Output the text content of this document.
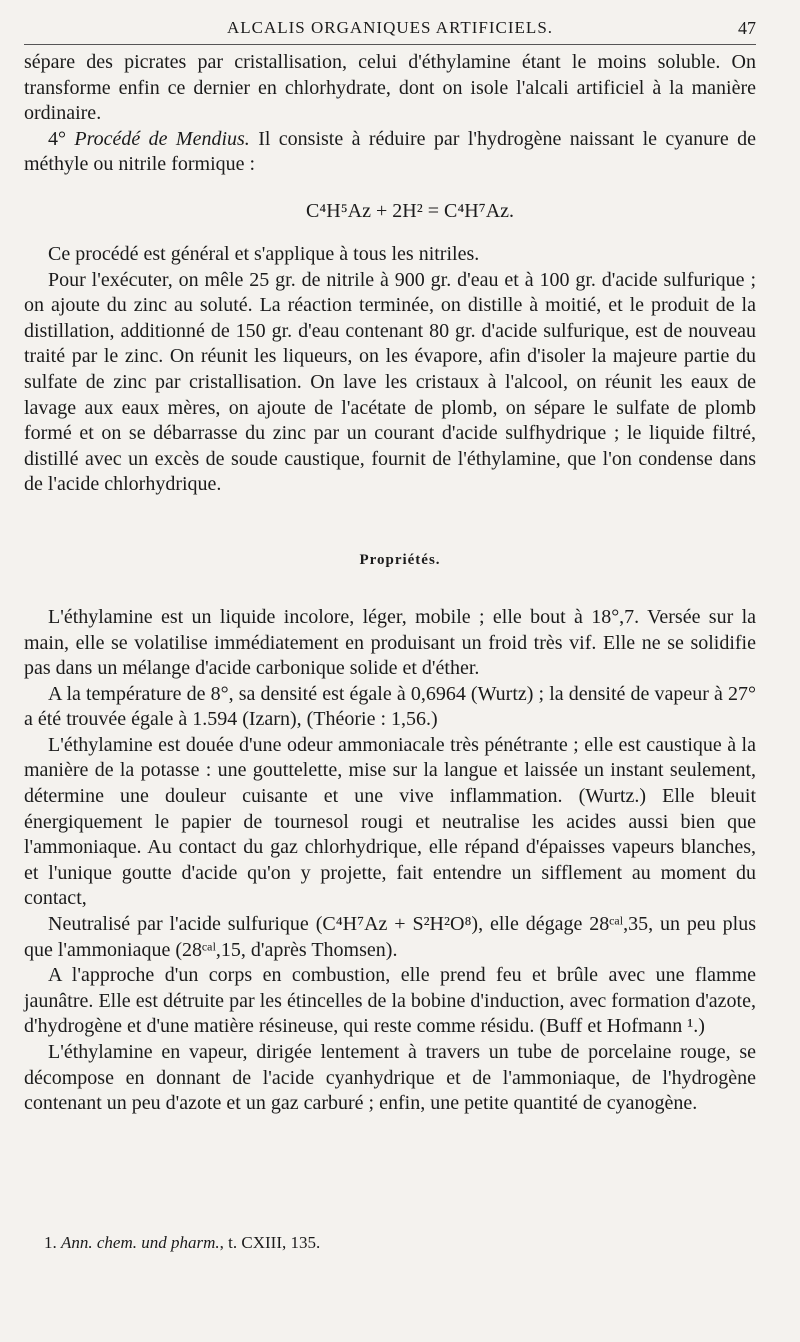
ALCALIS ORGANIQUES ARTIFICIELS.	47

sépare des picrates par cristallisation, celui d'éthylamine étant le moins soluble. On transforme enfin ce dernier en chlorhydrate, dont on isole l'alcali artificiel à la manière ordinaire.

4° Procédé de Mendius. Il consiste à réduire par l'hydrogène naissant le cyanure de méthyle ou nitrile formique :

C⁴H⁵Az + 2H² = C⁴H⁷Az.

Ce procédé est général et s'applique à tous les nitriles.

Pour l'exécuter, on mêle 25 gr. de nitrile à 900 gr. d'eau et à 100 gr. d'acide sulfurique ; on ajoute du zinc au soluté. La réaction terminée, on distille à moitié, et le produit de la distillation, additionné de 150 gr. d'eau contenant 80 gr. d'acide sulfurique, est de nouveau traité par le zinc. On réunit les liqueurs, on les évapore, afin d'isoler la majeure partie du sulfate de zinc par cristallisation. On lave les cristaux à l'alcool, on réunit les eaux de lavage aux eaux mères, on ajoute de l'acétate de plomb, on sépare le sulfate de plomb formé et on se débarrasse du zinc par un courant d'acide sulfhydrique ; le liquide filtré, distillé avec un excès de soude caustique, fournit de l'éthylamine, que l'on condense dans de l'acide chlorhydrique.

Propriétés.

L'éthylamine est un liquide incolore, léger, mobile ; elle bout à 18°,7. Versée sur la main, elle se volatilise immédiatement en produisant un froid très vif. Elle ne se solidifie pas dans un mélange d'acide carbonique solide et d'éther.

A la température de 8°, sa densité est égale à 0,6964 (Wurtz) ; la densité de vapeur à 27° a été trouvée égale à 1.594 (Izarn), (Théorie : 1,56.)

L'éthylamine est douée d'une odeur ammoniacale très pénétrante ; elle est caustique à la manière de la potasse : une gouttelette, mise sur la langue et laissée un instant seulement, détermine une douleur cuisante et une vive inflammation. (Wurtz.) Elle bleuit énergiquement le papier de tournesol rougi et neutralise les acides aussi bien que l'ammoniaque. Au contact du gaz chlorhydrique, elle répand d'épaisses vapeurs blanches, et l'unique goutte d'acide qu'on y projette, fait entendre un sifflement au moment du contact,

Neutralisé par l'acide sulfurique (C⁴H⁷Az + S²H²O⁸), elle dégage 28ᶜᵃˡ,35, un peu plus que l'ammoniaque (28ᶜᵃˡ,15, d'après Thomsen).

A l'approche d'un corps en combustion, elle prend feu et brûle avec une flamme jaunâtre. Elle est détruite par les étincelles de la bobine d'induction, avec formation d'azote, d'hydrogène et d'une matière résineuse, qui reste comme résidu. (Buff et Hofmann ¹.)

L'éthylamine en vapeur, dirigée lentement à travers un tube de porcelaine rouge, se décompose en donnant de l'acide cyanhydrique et de l'ammoniaque, de l'hydrogène contenant un peu d'azote et un gaz carburé ; enfin, une petite quantité de cyanogène.

1. Ann. chem. und pharm., t. CXIII, 135.
